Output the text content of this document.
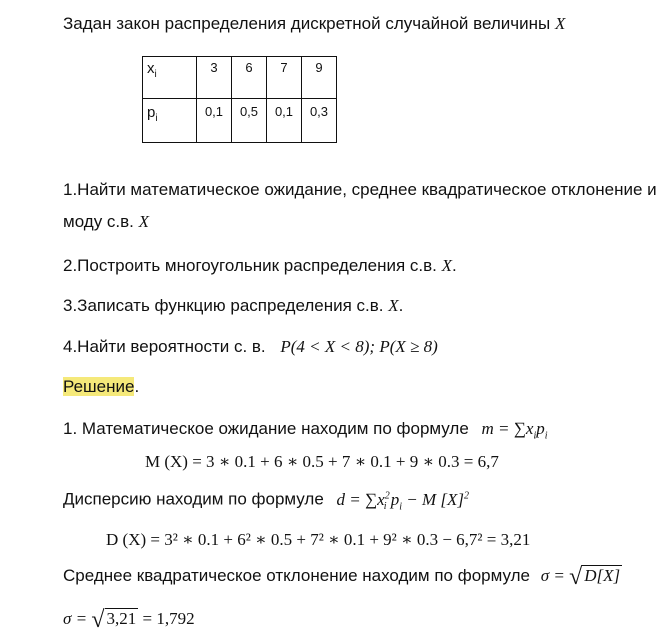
Задан закон распределения дискретной случайной величины X
$x_i$	3	6	7	9
$p_i$	0,1	0,5	0,1	0,3
1.Найти математическое ожидание, среднее квадратическое отклонение и
моду с.в. X
2.Построить многоугольник распределения с.в. X.
3.Записать функцию распределения с.в. X.
4.Найти вероятности с. в. P(4 < X < 8); P(X ≥ 8)
Решение.
1. Математическое ожидание находим по формуле $m = \sum x_ip_i$
M (X) = 3 ∗ 0.1 + 6 ∗ 0.5 + 7 ∗ 0.1 + 9 ∗ 0.3 = 6,7
Дисперсию находим по формуле $d = \sum x^2_i$ $p_i - M$ $[X]^2$
D (X) = 3² ∗ 0.1 + 6² ∗ 0.5 + 7² ∗ 0.1 + 9² ∗ 0.3 − 6,7² = 3,21
Среднее квадратическое отклонение находим по формуле σ = √ D[X]
σ = √ 3,21 = 1,792
